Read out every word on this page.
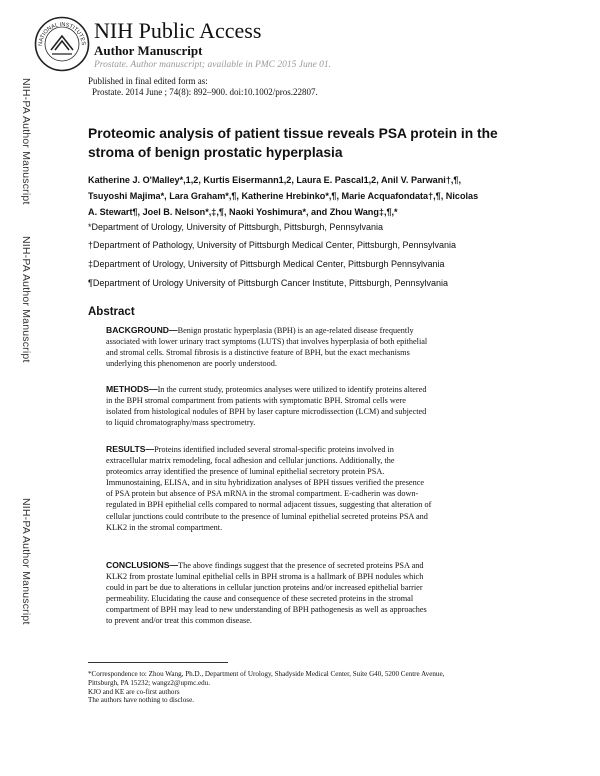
NIH-PA Author Manuscript
NIH-PA Author Manuscript
NIH-PA Author Manuscript
NATIONAL INSTITUTES
NIH Public Access
Author Manuscript
Prostate. Author manuscript; available in PMC 2015 June 01.
Published in final edited form as:
Prostate. 2014 June ; 74(8): 892–900. doi:10.1002/pros.22807.
Proteomic analysis of patient tissue reveals PSA protein in the
stroma of benign prostatic hyperplasia
Katherine J. O'Malley*,1,2, Kurtis Eisermann1,2, Laura E. Pascal1,2, Anil V. Parwani†,¶,
Tsuyoshi Majima*, Lara Graham*,¶, Katherine Hrebinko*,¶, Marie Acquafondata†,¶, Nicolas
A. Stewart¶, Joel B. Nelson*,‡,¶, Naoki Yoshimura*, and Zhou Wang‡,¶,*
*Department of Urology, University of Pittsburgh, Pittsburgh, Pennsylvania
†Department of Pathology, University of Pittsburgh Medical Center, Pittsburgh, Pennsylvania
‡Department of Urology, University of Pittsburgh Medical Center, Pittsburgh Pennsylvania
¶Department of Urology University of Pittsburgh Cancer Institute, Pittsburgh, Pennsylvania
Abstract
BACKGROUND—Benign prostatic hyperplasia (BPH) is an age-related disease frequently
associated with lower urinary tract symptoms (LUTS) that involves hyperplasia of both epithelial
and stromal cells. Stromal fibrosis is a distinctive feature of BPH, but the exact mechanisms
underlying this phenomenon are poorly understood.
METHODS—In the current study, proteomics analyses were utilized to identify proteins altered
in the BPH stromal compartment from patients with symptomatic BPH. Stromal cells were
isolated from histological nodules of BPH by laser capture microdissection (LCM) and subjected
to liquid chromatography/mass spectrometry.
RESULTS—Proteins identified included several stromal-specific proteins involved in
extracellular matrix remodeling, focal adhesion and cellular junctions. Additionally, the
proteomics array identified the presence of luminal epithelial secretory protein PSA.
Immunostaining, ELISA, and in situ hybridization analyses of BPH tissues verified the presence
of PSA protein but absence of PSA mRNA in the stromal compartment. E-cadherin was down-
regulated in BPH epithelial cells compared to normal adjacent tissues, suggesting that alteration of
cellular junctions could contribute to the presence of luminal epithelial secreted proteins PSA and
KLK2 in the stromal compartment.
CONCLUSIONS—The above findings suggest that the presence of secreted proteins PSA and
KLK2 from prostate luminal epithelial cells in BPH stroma is a hallmark of BPH nodules which
could in part be due to alterations in cellular junction proteins and/or increased epithelial barrier
permeability. Elucidating the cause and consequence of these secreted proteins in the stromal
compartment of BPH may lead to new understanding of BPH pathogenesis as well as approaches
to prevent and/or treat this common disease.
*Correspondence to: Zhou Wang, Ph.D., Department of Urology, Shadyside Medical Center, Suite G40, 5200 Centre Avenue,
Pittsburgh, PA 15232; wangz2@upmc.edu.
KJO and KE are co-first authors
The authors have nothing to disclose.
